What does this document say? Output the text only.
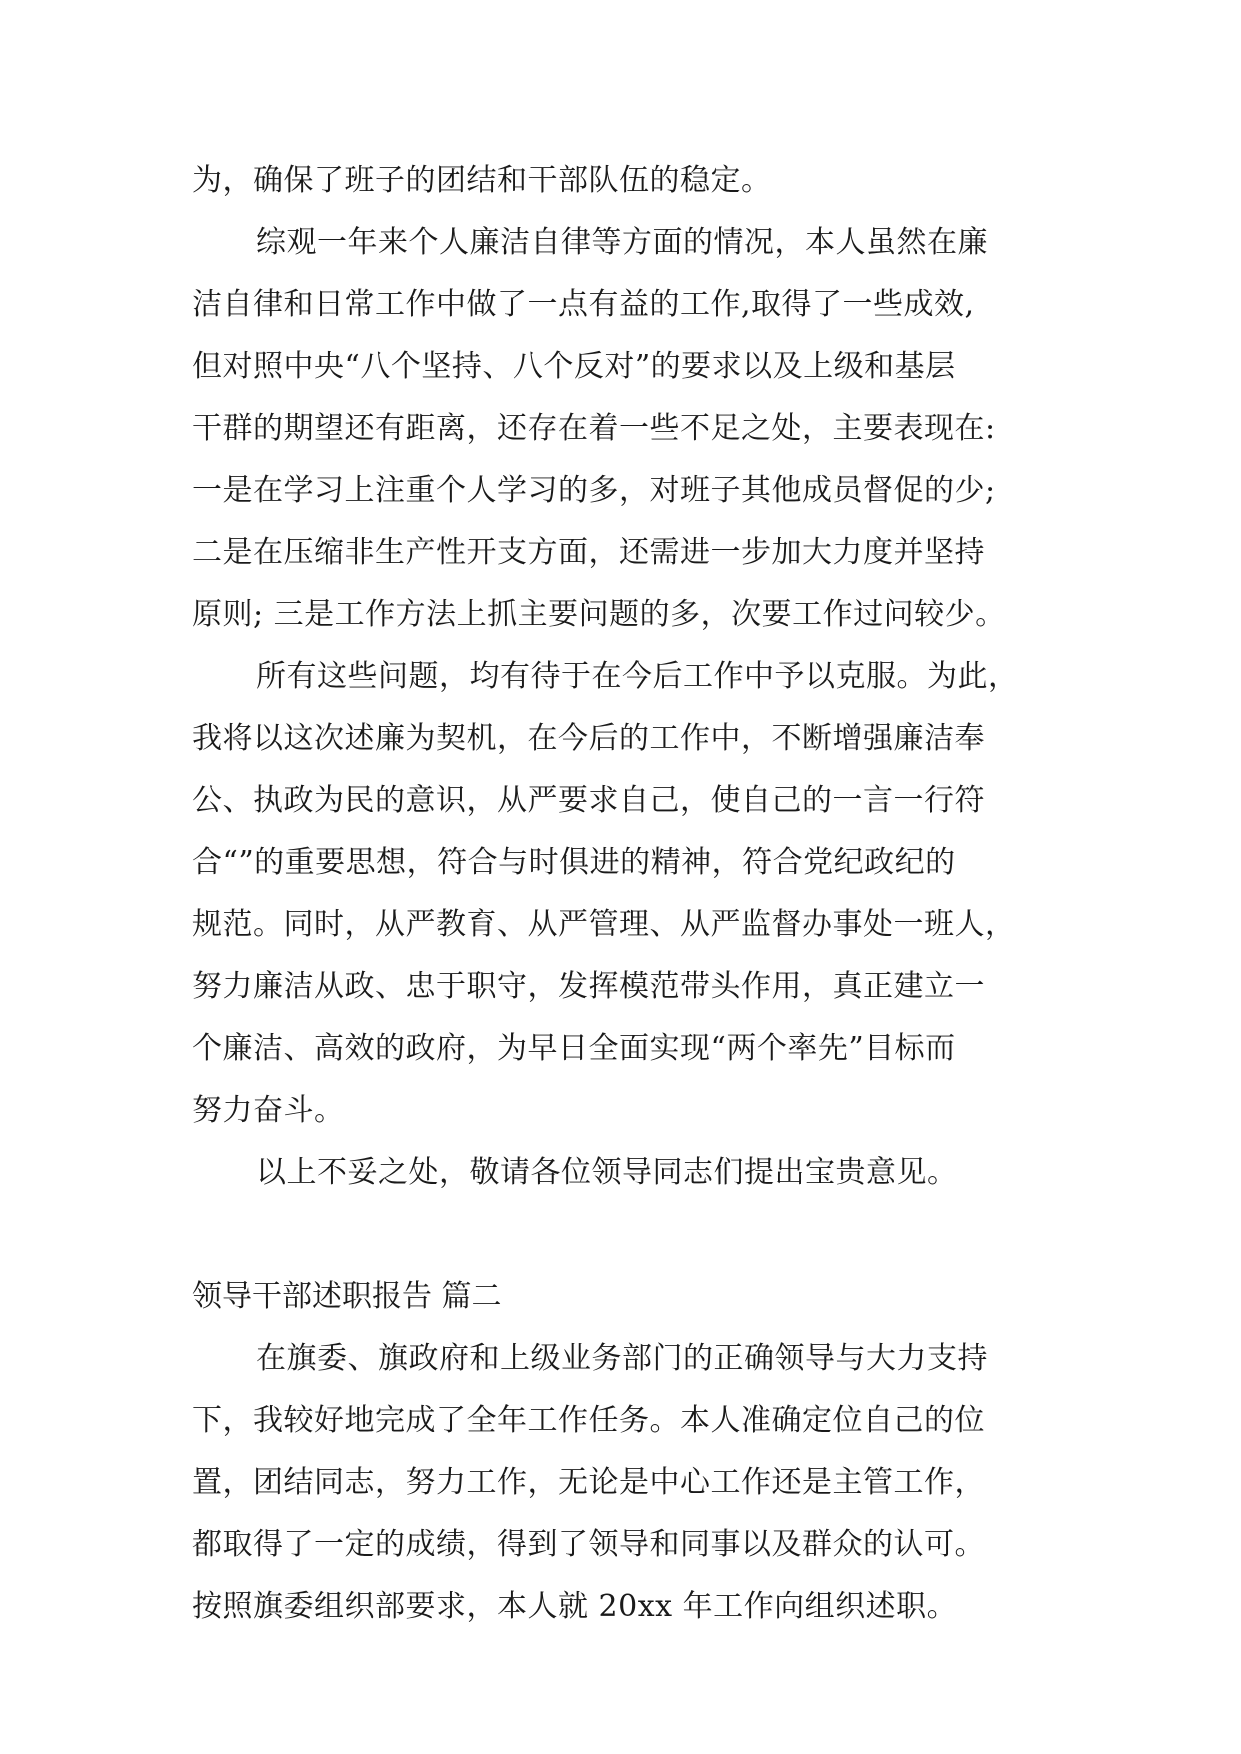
为，确保了班子的团结和干部队伍的稳定。
综观一年来个人廉洁自律等方面的情况，本人虽然在廉
洁自律和日常工作中做了一点有益的工作,取得了一些成效,
但对照中央“八个坚持、八个反对”的要求以及上级和基层
干群的期望还有距离，还存在着一些不足之处，主要表现在:
一是在学习上注重个人学习的多，对班子其他成员督促的少;
二是在压缩非生产性开支方面，还需进一步加大力度并坚持
原则; 三是工作方法上抓主要问题的多，次要工作过问较少。
所有这些问题，均有待于在今后工作中予以克服。为此，
我将以这次述廉为契机，在今后的工作中，不断增强廉洁奉
公、执政为民的意识，从严要求自己，使自己的一言一行符
合“”的重要思想，符合与时俱进的精神，符合党纪政纪的
规范。同时，从严教育、从严管理、从严监督办事处一班人，
努力廉洁从政、忠于职守，发挥模范带头作用，真正建立一
个廉洁、高效的政府，为早日全面实现“两个率先”目标而
努力奋斗。
以上不妥之处，敬请各位领导同志们提出宝贵意见。
领导干部述职报告 篇二
在旗委、旗政府和上级业务部门的正确领导与大力支持
下，我较好地完成了全年工作任务。本人准确定位自己的位
置，团结同志，努力工作，无论是中心工作还是主管工作，
都取得了一定的成绩，得到了领导和同事以及群众的认可。
按照旗委组织部要求，本人就 20xx 年工作向组织述职。
